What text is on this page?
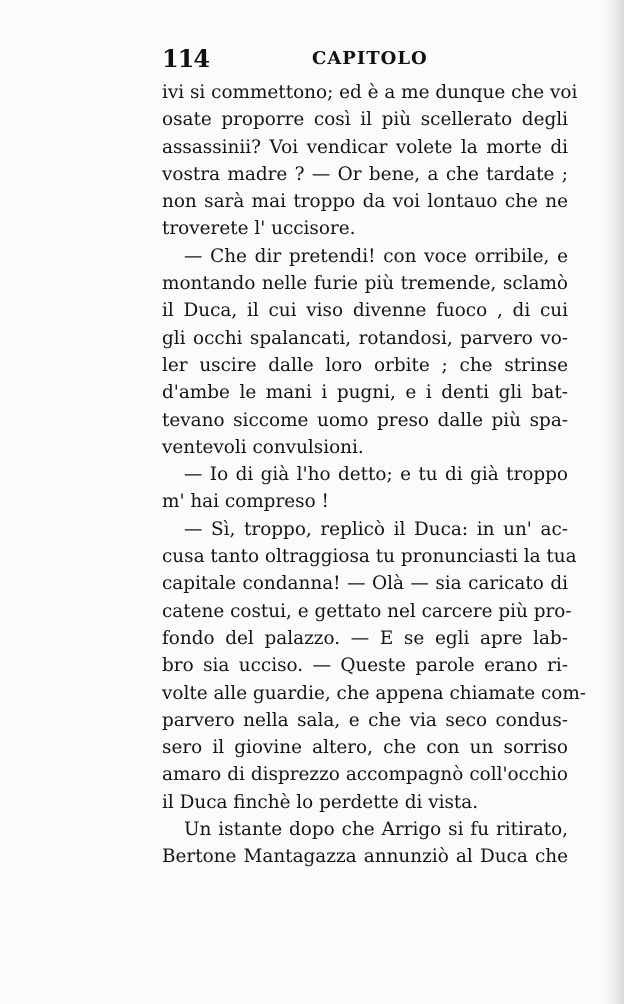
114	CAPITOLO
ivi si commettono; ed è a me dunque che voi
osate proporre così il più scellerato degli
assassinii? Voi vendicar volete la morte di
vostra madre ? — Or bene, a che tardate ;
non sarà mai troppo da voi lontauo che ne
troverete l' uccisore.
— Che dir pretendi! con voce orribile, e
montando nelle furie più tremende, sclamò
il Duca, il cui viso divenne fuoco , di cui
gli occhi spalancati, rotandosi, parvero vo-
ler uscire dalle loro orbite ; che strinse
d'ambe le mani i pugni, e i denti gli bat-
tevano siccome uomo preso dalle più spa-
ventevoli convulsioni.
— Io di già l'ho detto; e tu di già troppo
m' hai compreso !
— Sì, troppo, replicò il Duca: in un' ac-
cusa tanto oltraggiosa tu pronunciasti la tua
capitale condanna! — Olà — sia caricato di
catene costui, e gettato nel carcere più pro-
fondo del palazzo. — E se egli apre lab-
bro sia ucciso. — Queste parole erano ri-
volte alle guardie, che appena chiamate com-
parvero nella sala, e che via seco condus-
sero il giovine altero, che con un sorriso
amaro di disprezzo accompagnò coll'occhio
il Duca finchè lo perdette di vista.
Un istante dopo che Arrigo si fu ritirato,
Bertone Mantagazza annunziò al Duca che
